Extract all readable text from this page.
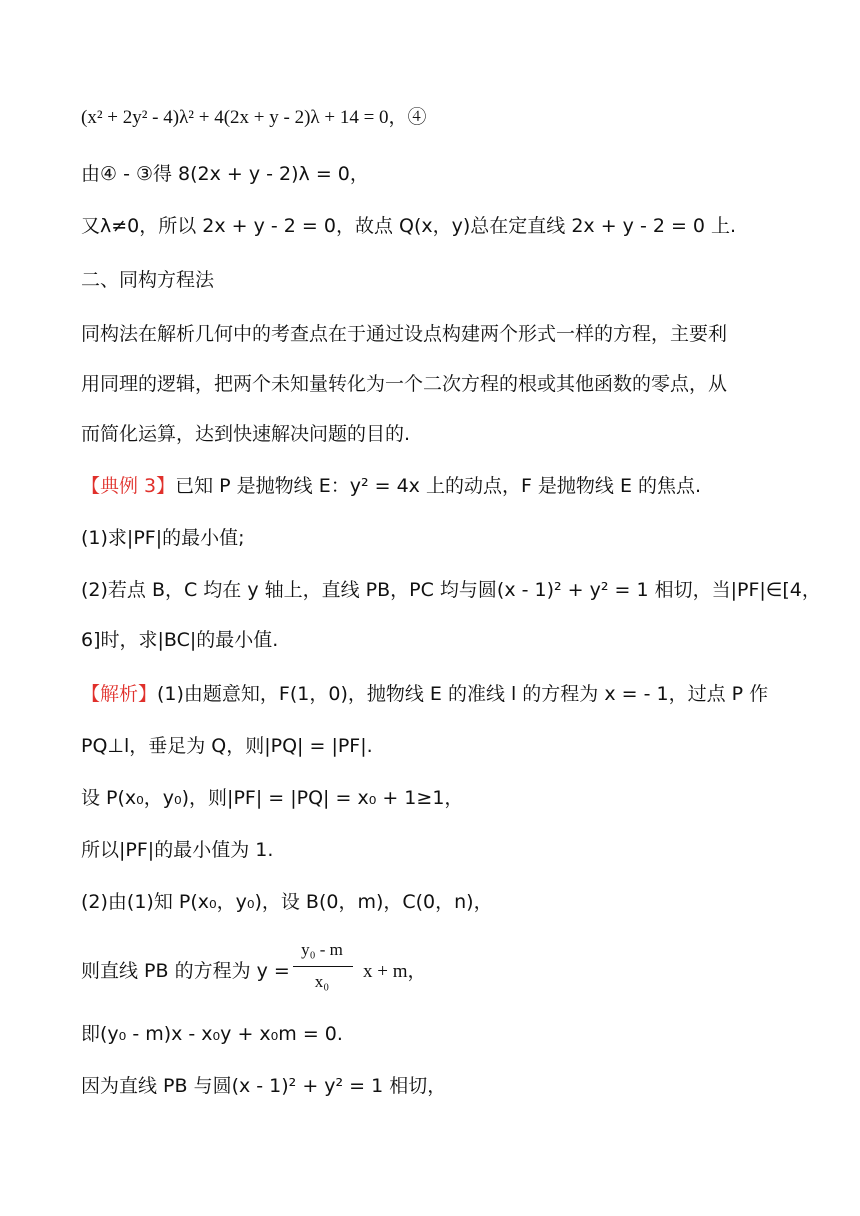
(x² + 2y² - 4)λ² + 4(2x + y - 2)λ + 14 = 0，④
由④ - ③得 8(2x + y - 2)λ = 0，
又λ≠0，所以 2x + y - 2 = 0，故点 Q(x，y)总在定直线 2x + y - 2 = 0 上.
二、同构方程法
同构法在解析几何中的考查点在于通过设点构建两个形式一样的方程，主要利
用同理的逻辑，把两个未知量转化为一个二次方程的根或其他函数的零点，从
而简化运算，达到快速解决问题的目的.
【典例 3】已知 P 是抛物线 E：y² = 4x 上的动点，F 是抛物线 E 的焦点.
(1)求|PF|的最小值;
(2)若点 B，C 均在 y 轴上，直线 PB，PC 均与圆(x - 1)² + y² = 1 相切，当|PF|∈[4，
6]时，求|BC|的最小值.
【解析】(1)由题意知，F(1，0)，抛物线 E 的准线 l 的方程为 x = - 1，过点 P 作
PQ⊥l，垂足为 Q，则|PQ| = |PF|.
设 P(x₀，y₀)，则|PF| = |PQ| = x₀ + 1≥1，
所以|PF|的最小值为 1.
(2)由(1)知 P(x₀，y₀)，设 B(0，m)，C(0，n)，
则直线 PB 的方程为 y =
y₀ - m
x₀	x + m，
即(y₀ - m)x - x₀y + x₀m = 0.
因为直线 PB 与圆(x - 1)² + y² = 1 相切，
